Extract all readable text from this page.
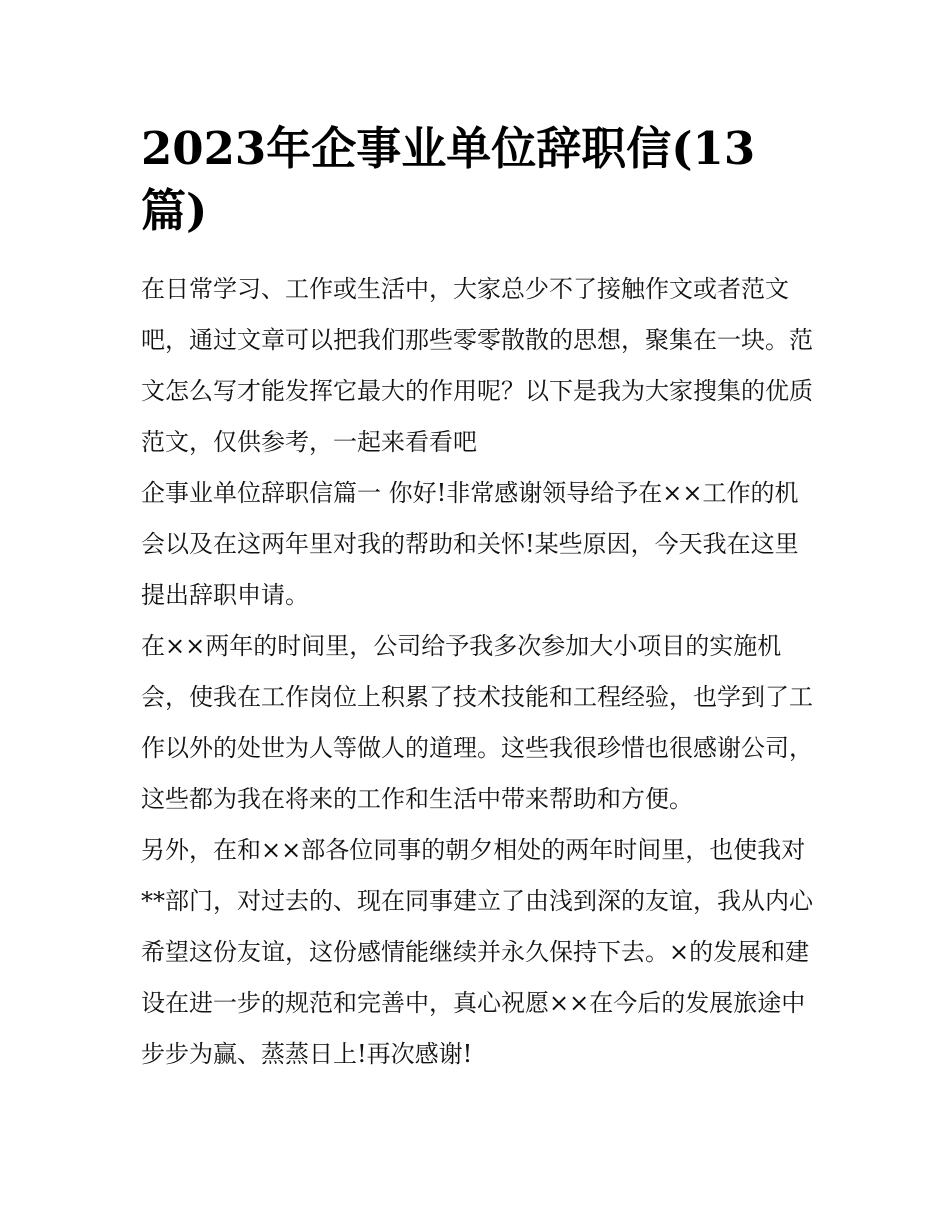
2023年企事业单位辞职信(13篇)

在日常学习、工作或生活中，大家总少不了接触作文或者范文吧，通过文章可以把我们那些零零散散的思想，聚集在一块。范文怎么写才能发挥它最大的作用呢？以下是我为大家搜集的优质范文，仅供参考，一起来看看吧

企事业单位辞职信篇一 你好!非常感谢领导给予在××工作的机会以及在这两年里对我的帮助和关怀!某些原因，今天我在这里提出辞职申请。

在××两年的时间里，公司给予我多次参加大小项目的实施机会，使我在工作岗位上积累了技术技能和工程经验，也学到了工作以外的处世为人等做人的道理。这些我很珍惜也很感谢公司，这些都为我在将来的工作和生活中带来帮助和方便。

另外，在和××部各位同事的朝夕相处的两年时间里，也使我对**部门，对过去的、现在同事建立了由浅到深的友谊，我从内心希望这份友谊，这份感情能继续并永久保持下去。×的发展和建设在进一步的规范和完善中，真心祝愿××在今后的发展旅途中步步为赢、蒸蒸日上!再次感谢!
